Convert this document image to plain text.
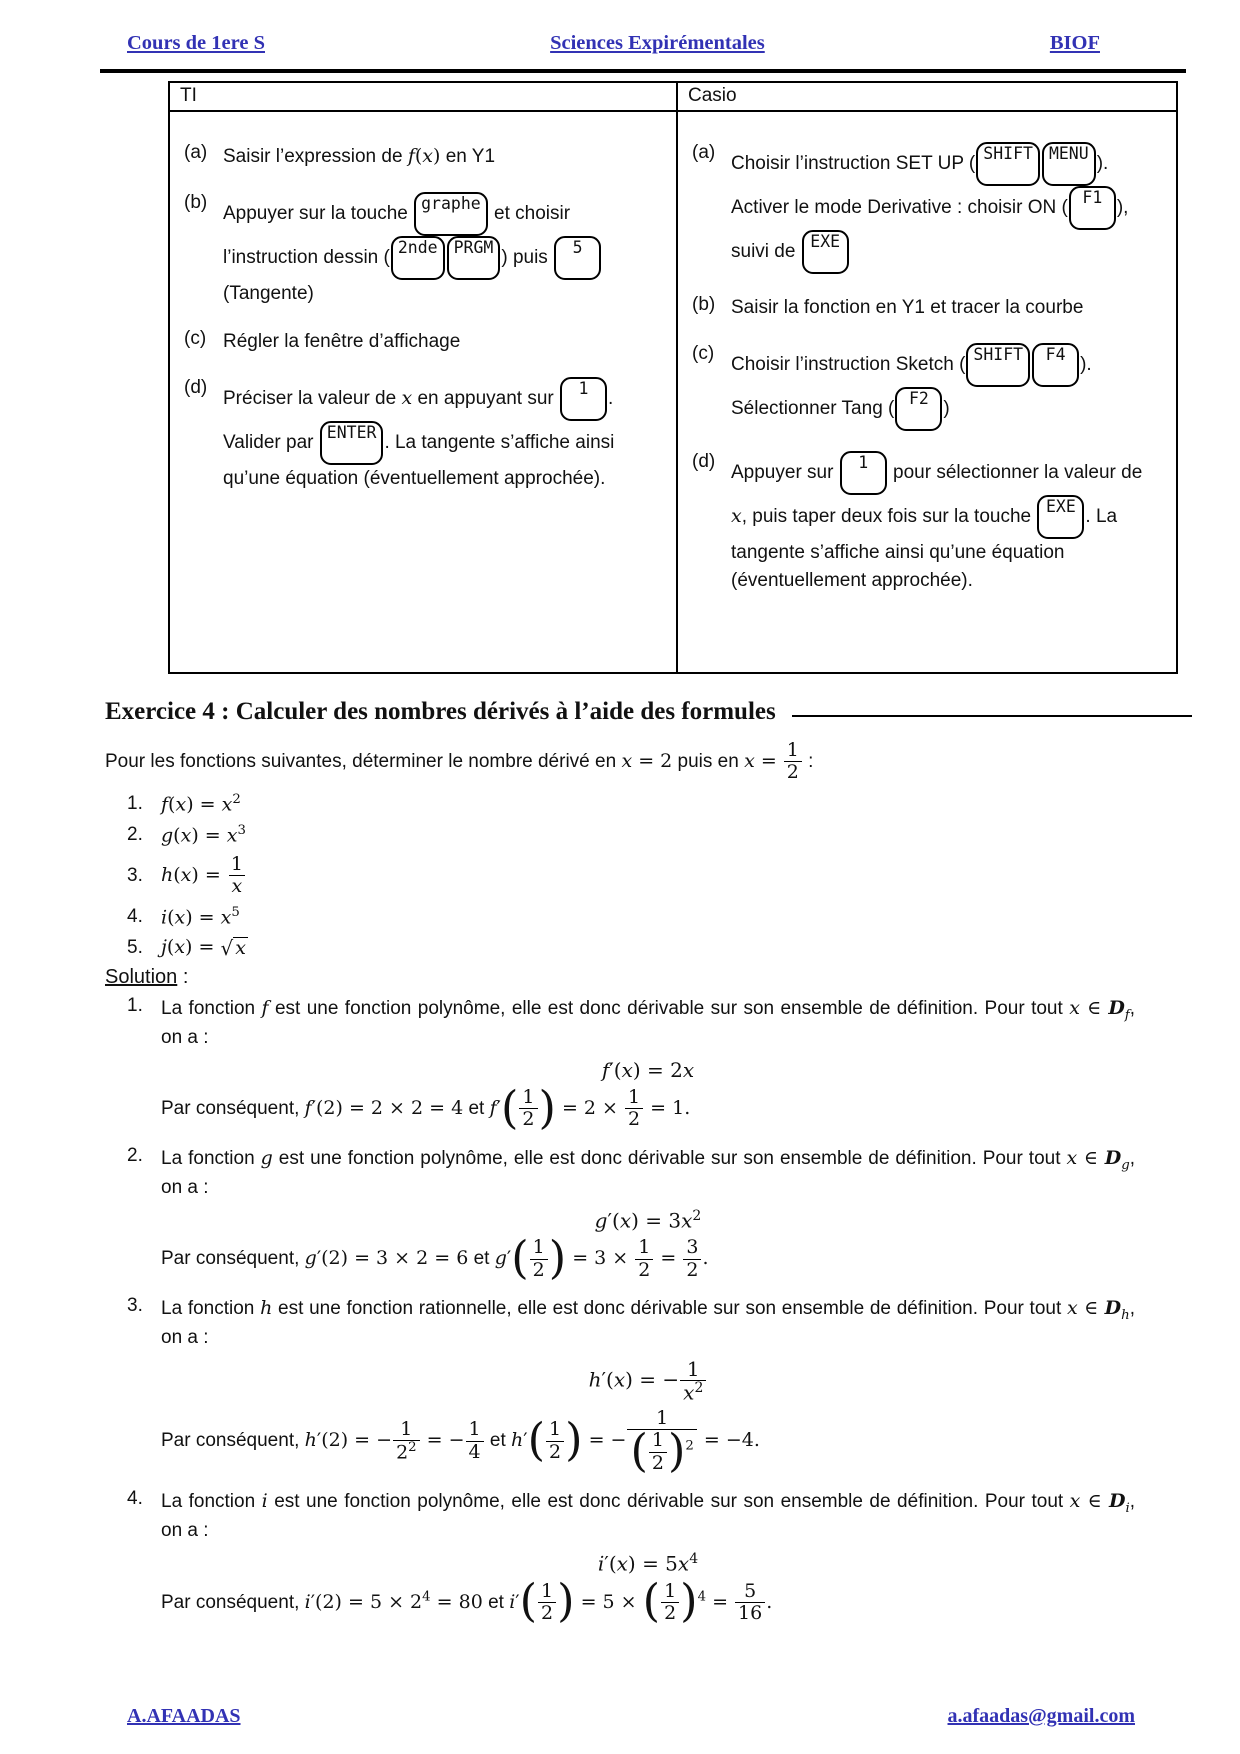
Cours de 1ere S	Sciences Expirémentales	BIOF
TI	Casio
(a) Saisir l’expression de f(x) en Y1
(b)
Appuyer sur la touche graphe et choisir l’instruction dessin ( 2nde PRGM ) puis 5(Tangente)
(c) Régler la fenêtre d’affichage
(d)
Préciser la valeur de x en appuyant sur 1 . Valider par ENTER . La tangente s’affiche ainsi qu’une équation (éventuellement approchée).
(a)
Choisir l’instruction SET UP ( SHIFT MENU ). Activer le mode Derivative : choisir ON ( F1 ), suivi de EXE
(b) Saisir la fonction en Y1 et tracer la courbe
(c)
Choisir l’instruction Sketch ( SHIFT F4 ). Sélectionner Tang ( F2 )
(d)
Appuyer sur 1 pour sélectionner la valeur de x, puis taper deux fois sur la touche EXE . La tangente s’affiche ainsi qu’une équation (éventuellement approchée).
Exercice 4 : Calculer des nombres dérivés à l’aide des formules
Pour les fonctions suivantes, déterminer le nombre dérivé en x = 2 puis en $x = \frac{1}{2}$ :
1. $f(x) = x^2$
2. $g(x) = x^3$
3. $h(x) = \frac{1}{x}$
4. $i(x) = x^5$
5. j(x) = √ x
Solution :
1. La fonction f est une fonction polynôme, elle est donc dérivable sur son ensemble de définition. Pour tout x ∈ $D_f$, on a :
f′(x) = 2x
Par conséquent, f′(2) = 2 × 2 = 4 et f′ ( $\frac{1}{2}$ ) = $2 \times \frac{1}{2} = 1$.
2. La fonction g est une fonction polynôme, elle est donc dérivable sur son ensemble de définition. Pour tout x ∈ $D_g$, on a :
$g'(x) = 3x^2$
Par conséquent, g′(2) = 3 × 2 = 6 et g′ ( $\frac{1}{2}$ ) = $3 \times \frac{1}{2} = \frac{3}{2}$ .
3. La fonction h est une fonction rationnelle, elle est donc dérivable sur son ensemble de définition. Pour tout x ∈ $D_h$, on a :
h′(x) = − $\frac{1}{x^2}$
Par conséquent, h′(2) = − $\frac{1}{2^2}$ = − $\frac{1}{4}$ et h′ ( $\frac{1}{2}$ ) = − $\frac{1}{( \frac{1}{2} ) ^2} = -4$.
4. La fonction i est une fonction polynôme, elle est donc dérivable sur son ensemble de définition. Pour tout x ∈ $D_i$, on a :
$i'(x) = 5x^4$
Par conséquent, $i'(2) = 5 \times 2^4 = 80$ et i′ ( $\frac{1}{2}$ ) = 5 × ( $\frac{1}{2}$ ) $^4 = \frac{5}{16}$ .
A.AFAADAS	a.afaadas@gmail.com
